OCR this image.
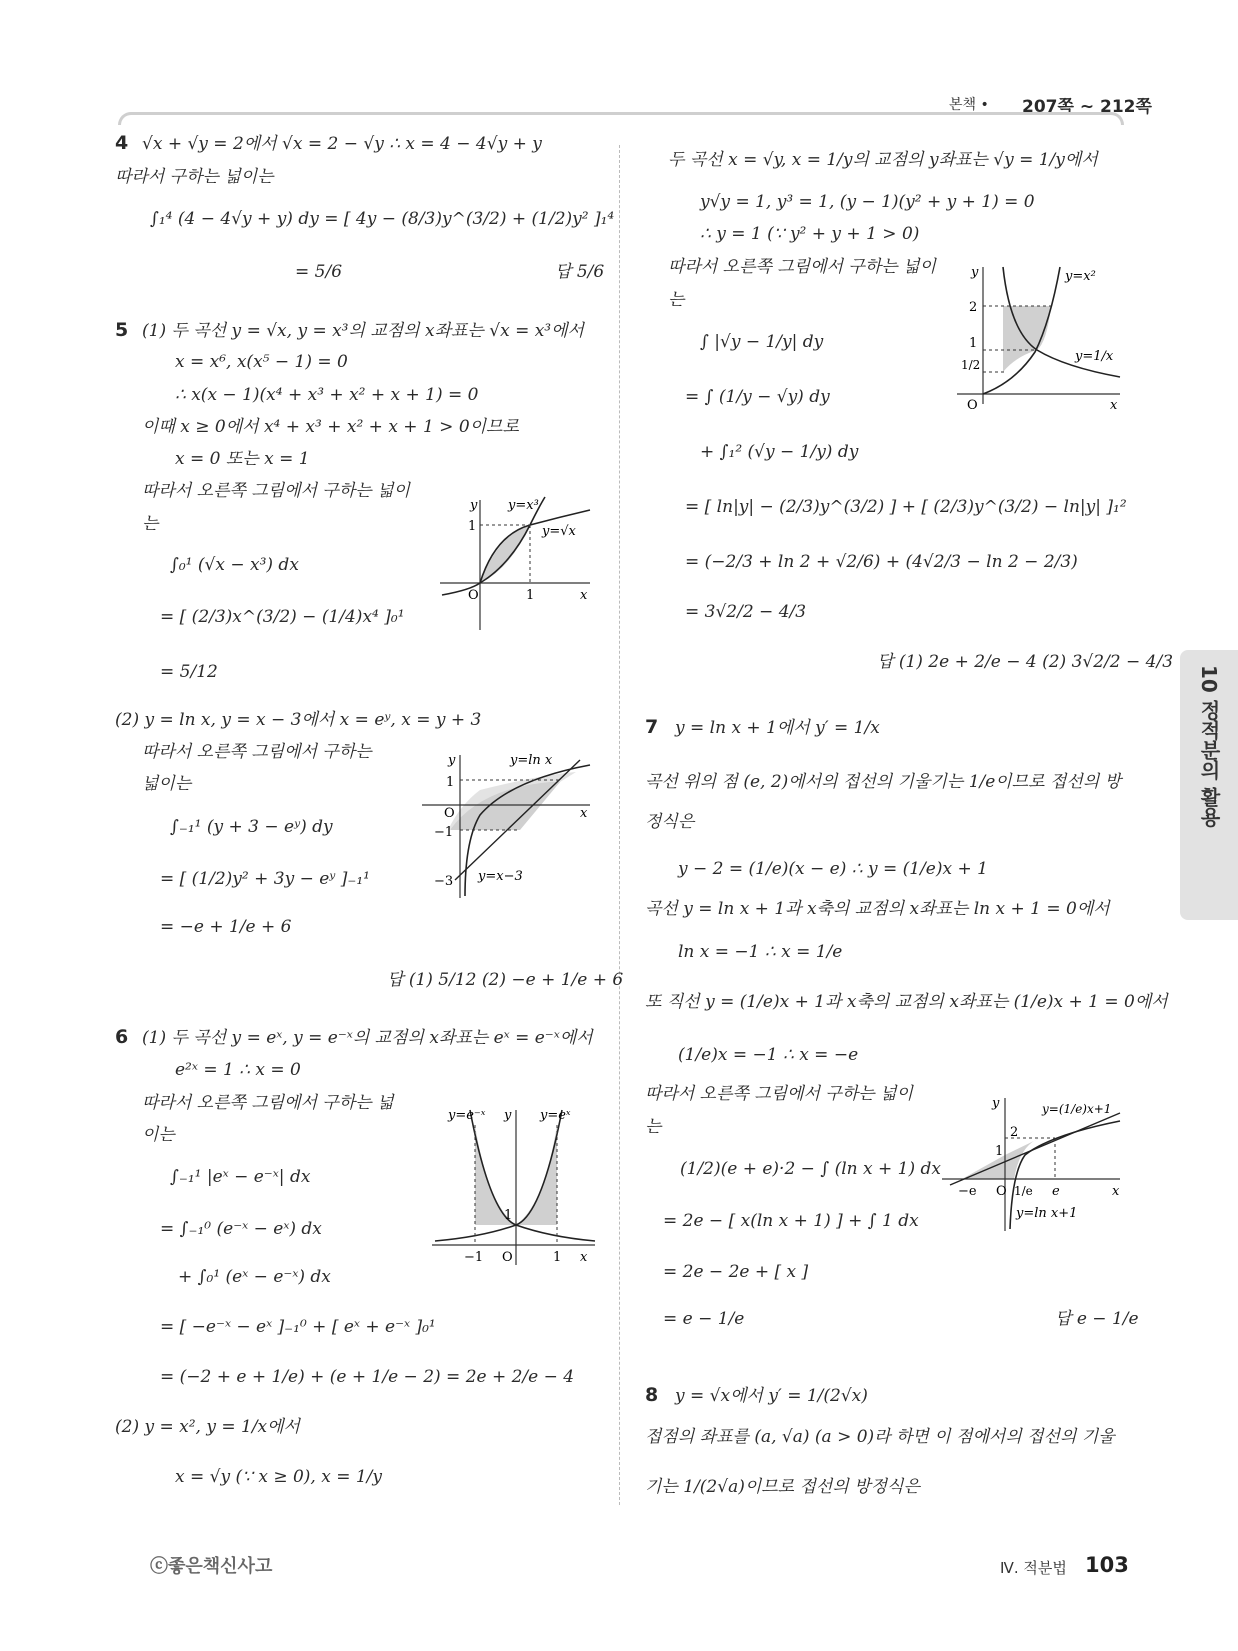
본책 • 207쪽 ~ 212쪽
4 √x + √y = 2에서 √x = 2 − √y ∴ x = 4 − 4√y + y
따라서 구하는 넓이는
∫₁⁴ (4 − 4√y + y) dy = [ 4y − (8/3)y^(3/2) + (1/2)y² ]₁⁴
= 5/6	답 5/6
5 (1) 두 곡선 y = √x, y = x³의 교점의 x좌표는 √x = x³에서
x = x⁶, x(x⁵ − 1) = 0
∴ x(x − 1)(x⁴ + x³ + x² + x + 1) = 0
이때 x ≥ 0에서 x⁴ + x³ + x² + x + 1 > 0이므로
x = 0 또는 x = 1
따라서 오른쪽 그림에서 구하는 넓이
는
∫₀¹ (√x − x³) dx
= [ (2/3)x^(3/2) − (1/4)x⁴ ]₀¹
= 5/12
(2) y = ln x, y = x − 3에서 x = eʸ, x = y + 3
따라서 오른쪽 그림에서 구하는
넓이는
∫₋₁¹ (y + 3 − eʸ) dy
= [ (1/2)y² + 3y − eʸ ]₋₁¹
= −e + 1/e + 6
답 (1) 5/12 (2) −e + 1/e + 6
6 (1) 두 곡선 y = eˣ, y = e⁻ˣ의 교점의 x좌표는 eˣ = e⁻ˣ에서
e²ˣ = 1 ∴ x = 0
따라서 오른쪽 그림에서 구하는 넓
이는
∫₋₁¹ |eˣ − e⁻ˣ| dx
= ∫₋₁⁰ (e⁻ˣ − eˣ) dx
+ ∫₀¹ (eˣ − e⁻ˣ) dx
= [ −e⁻ˣ − eˣ ]₋₁⁰ + [ eˣ + e⁻ˣ ]₀¹
= (−2 + e + 1/e) + (e + 1/e − 2) = 2e + 2/e − 4
(2) y = x², y = 1/x에서
x = √y (∵ x ≥ 0), x = 1/y
두 곡선 x = √y, x = 1/y의 교점의 y좌표는 √y = 1/y에서
y√y = 1, y³ = 1, (y − 1)(y² + y + 1) = 0
∴ y = 1 (∵ y² + y + 1 > 0)
따라서 오른쪽 그림에서 구하는 넓이
는
∫ |√y − 1/y| dy
= ∫ (1/y − √y) dy
+ ∫₁² (√y − 1/y) dy
= [ ln|y| − (2/3)y^(3/2) ] + [ (2/3)y^(3/2) − ln|y| ]₁²
= (−2/3 + ln 2 + √2/6) + (4√2/3 − ln 2 − 2/3)
= 3√2/2 − 4/3
답 (1) 2e + 2/e − 4 (2) 3√2/2 − 4/3
7 y = ln x + 1에서 y′ = 1/x
곡선 위의 점 (e, 2)에서의 접선의 기울기는 1/e이므로 접선의 방
정식은
y − 2 = (1/e)(x − e) ∴ y = (1/e)x + 1
곡선 y = ln x + 1과 x축의 교점의 x좌표는 ln x + 1 = 0에서
ln x = −1 ∴ x = 1/e
또 직선 y = (1/e)x + 1과 x축의 교점의 x좌표는 (1/e)x + 1 = 0에서
(1/e)x = −1 ∴ x = −e
따라서 오른쪽 그림에서 구하는 넓이
는
(1/2)(e + e)·2 − ∫ (ln x + 1) dx
= 2e − [ x(ln x + 1) ] + ∫ 1 dx
= 2e − 2e + [ x ]
= e − 1/e	답 e − 1/e
8 y = √x에서 y′ = 1/(2√x)
접점의 좌표를 (a, √a) (a > 0)라 하면 이 점에서의 접선의 기울
기는 1/(2√a)이므로 접선의 방정식은
y y=x³
y=√x
1
O	1	x
y	y=ln x
1
O
−1
−3 y=x−3
x
y=e⁻ˣ y y=eˣ
1
−1 O	1 x
y	y=x²
2
1
1/2
y=1/x
O	x
y	y=(1/e)x+1
2
1
−e O 1/e e	x
y=ln x+1
10 정적분의 활용
ⓒ좋은책신사고	Ⅳ. 적분법 103
